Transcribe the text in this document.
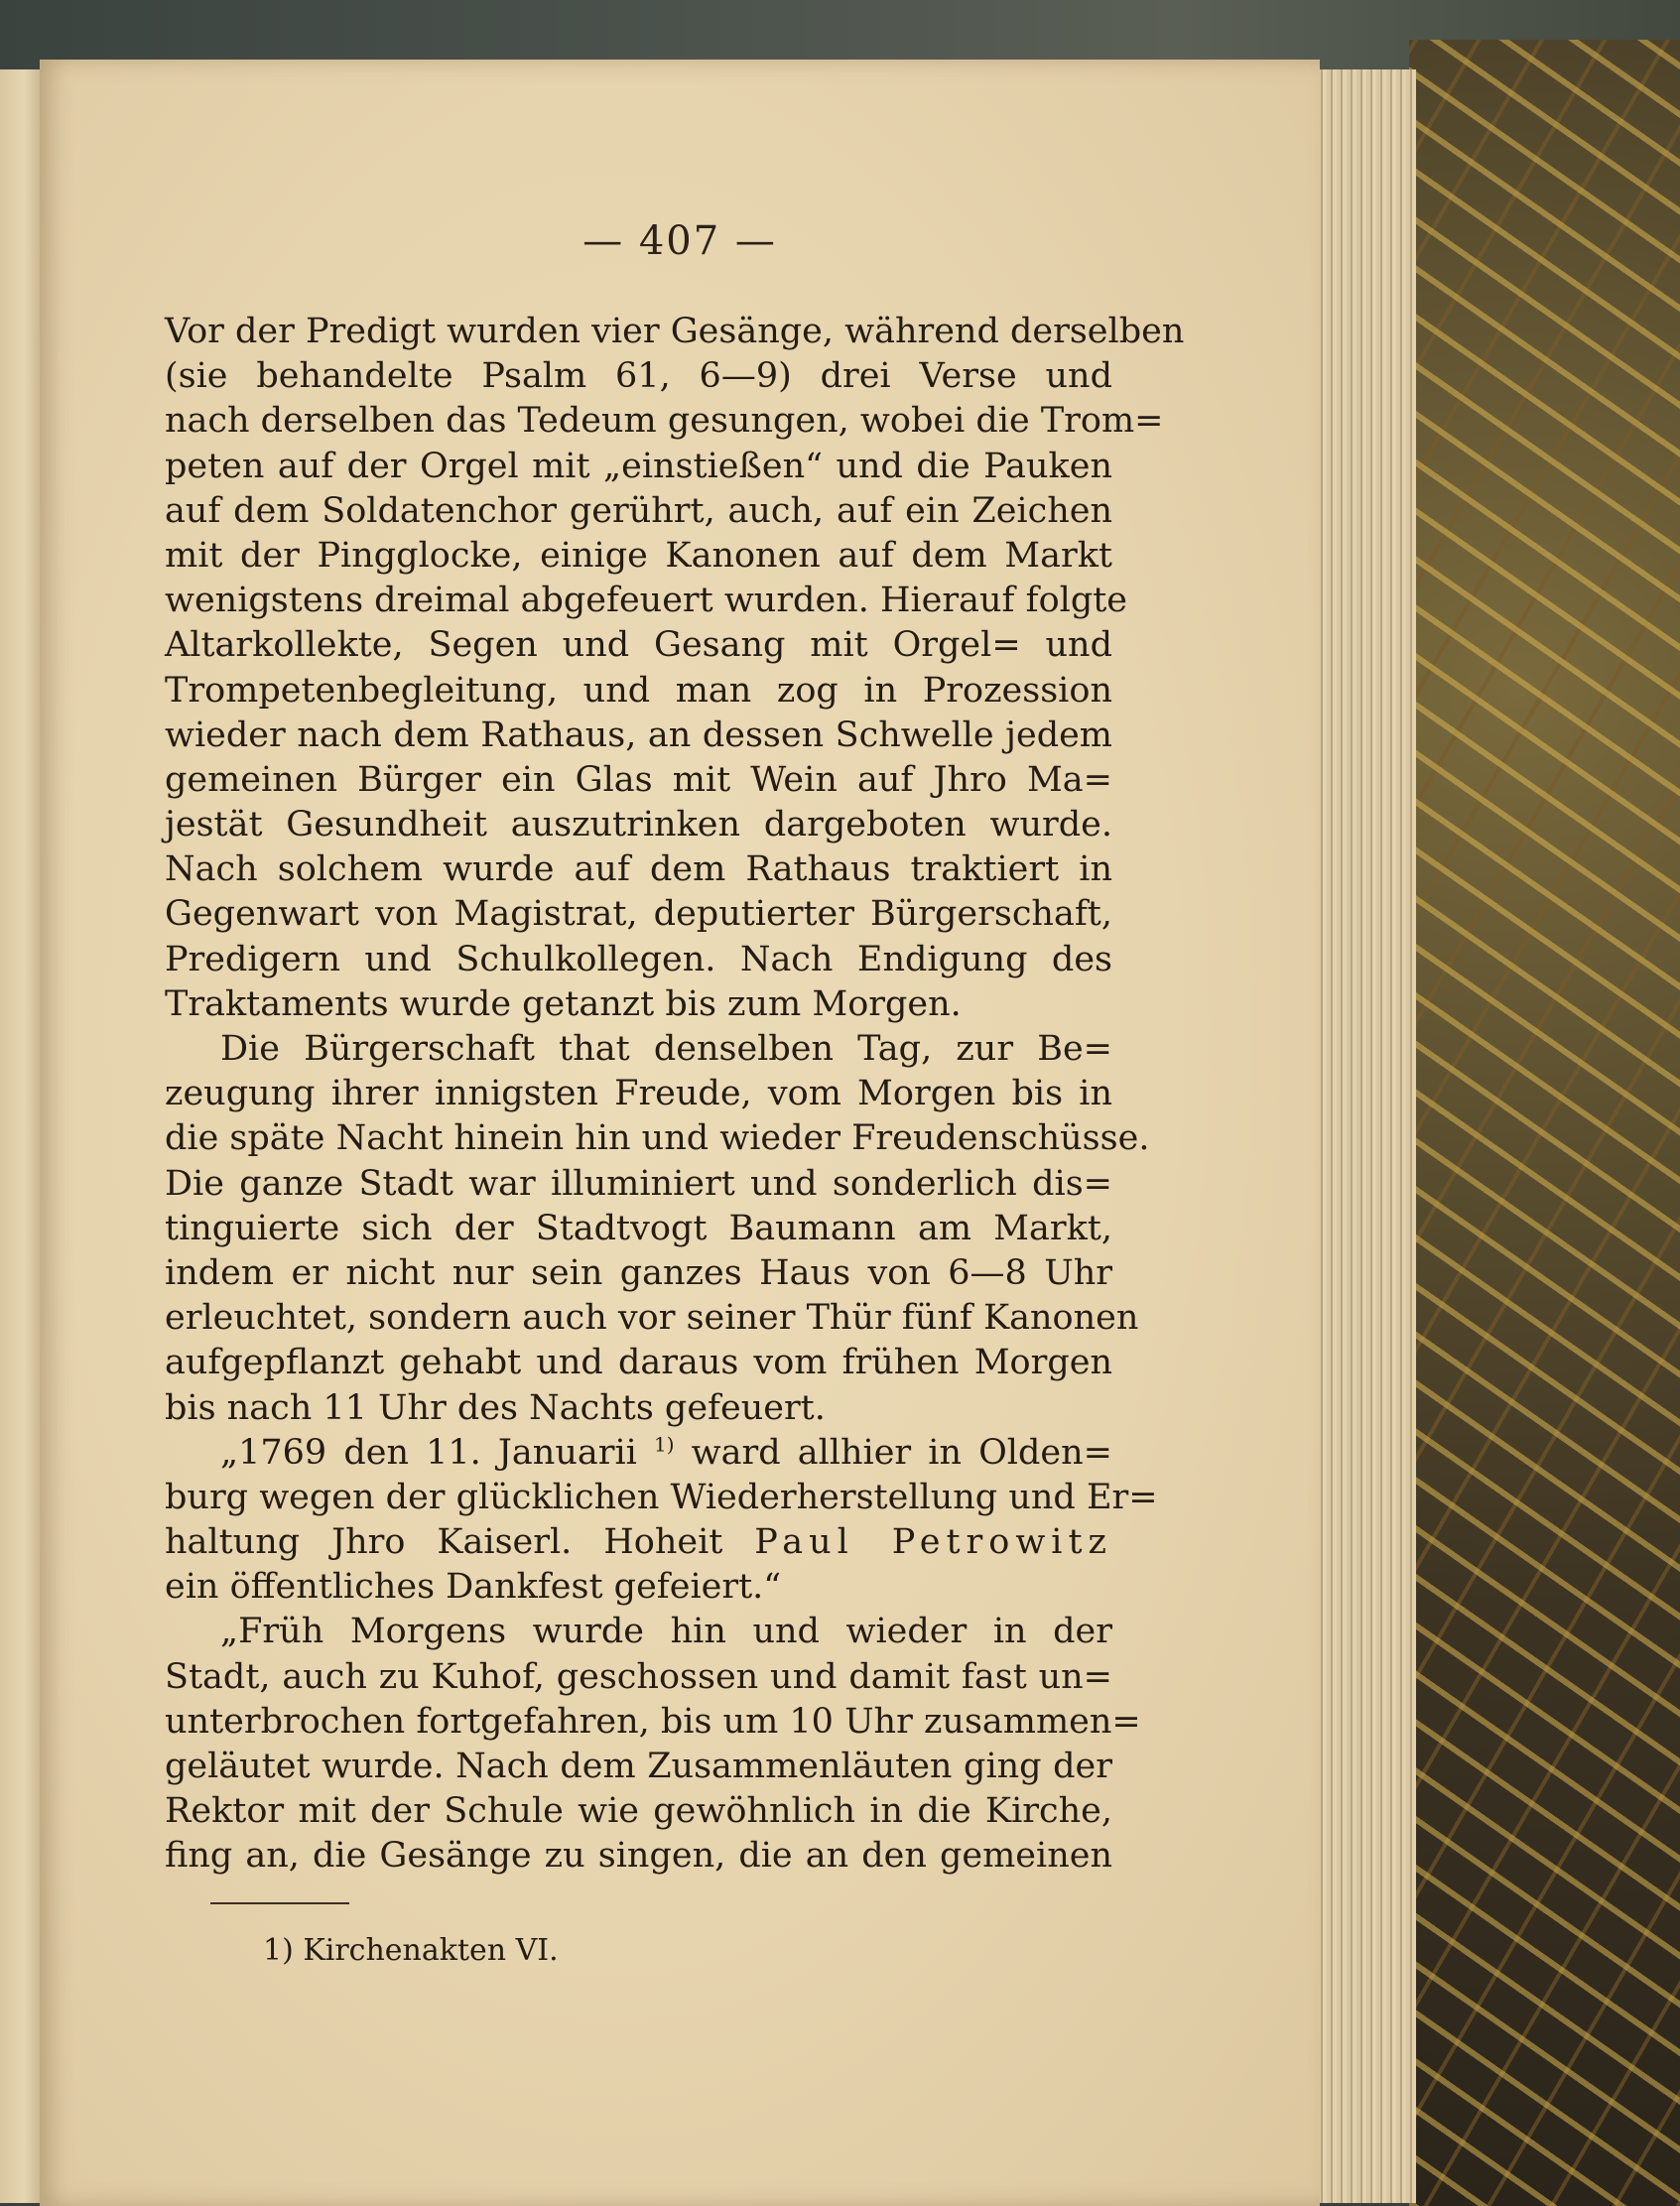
— 407 —
Vor der Predigt wurden vier Gesänge, während derselben
(sie behandelte Psalm 61, 6—9) drei Verse und
nach derselben das Tedeum gesungen, wobei die Trom=
peten auf der Orgel mit „einstießen“ und die Pauken
auf dem Soldatenchor gerührt, auch, auf ein Zeichen
mit der Pingglocke, einige Kanonen auf dem Markt
wenigstens dreimal abgefeuert wurden. Hierauf folgte
Altarkollekte, Segen und Gesang mit Orgel= und
Trompetenbegleitung, und man zog in Prozession
wieder nach dem Rathaus, an dessen Schwelle jedem
gemeinen Bürger ein Glas mit Wein auf Jhro Ma=
jestät Gesundheit auszutrinken dargeboten wurde.
Nach solchem wurde auf dem Rathaus traktiert in
Gegenwart von Magistrat, deputierter Bürgerschaft,
Predigern und Schulkollegen. Nach Endigung des
Traktaments wurde getanzt bis zum Morgen.
Die Bürgerschaft that denselben Tag, zur Be=
zeugung ihrer innigsten Freude, vom Morgen bis in
die späte Nacht hinein hin und wieder Freudenschüsse.
Die ganze Stadt war illuminiert und sonderlich dis=
tinguierte sich der Stadtvogt Baumann am Markt,
indem er nicht nur sein ganzes Haus von 6—8 Uhr
erleuchtet, sondern auch vor seiner Thür fünf Kanonen
aufgepflanzt gehabt und daraus vom frühen Morgen
bis nach 11 Uhr des Nachts gefeuert.
„1769 den 11. Januarii $^{1)}$ ward allhier in Olden=
burg wegen der glücklichen Wiederherstellung und Er=
haltung Jhro Kaiserl. Hoheit Paul Petrowitz
ein öffentliches Dankfest gefeiert.“
„Früh Morgens wurde hin und wieder in der
Stadt, auch zu Kuhof, geschossen und damit fast un=
unterbrochen fortgefahren, bis um 10 Uhr zusammen=
geläutet wurde. Nach dem Zusammenläuten ging der
Rektor mit der Schule wie gewöhnlich in die Kirche,
fing an, die Gesänge zu singen, die an den gemeinen
1) Kirchenakten VI.
